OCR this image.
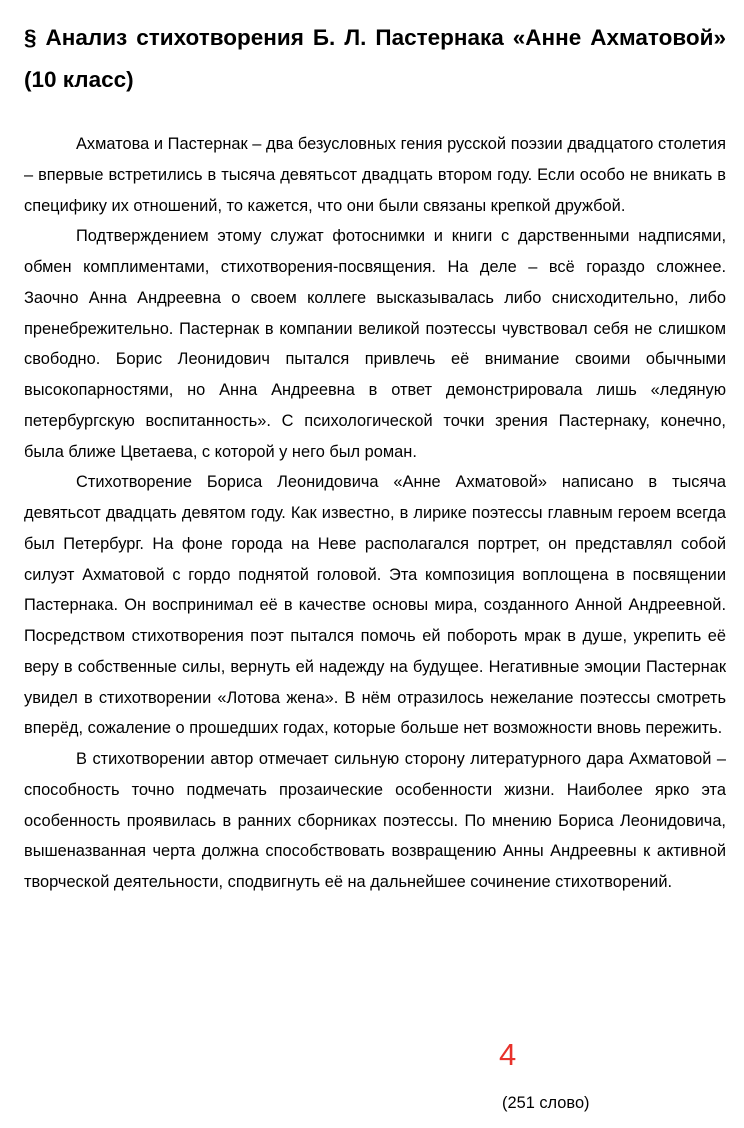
§ Анализ стихотворения Б. Л. Пастернака «Анне Ахматовой» (10 класс)

Ахматова и Пастернак – два безусловных гения русской поэзии двадцатого столетия – впервые встретились в тысяча девятьсот двадцать втором году. Если особо не вникать в специфику их отношений, то кажется, что они были связаны крепкой дружбой.

Подтверждением этому служат фотоснимки и книги с дарственными надписями, обмен комплиментами, стихотворения-посвящения. На деле – всё гораздо сложнее. Заочно Анна Андреевна о своем коллеге высказывалась либо снисходительно, либо пренебрежительно. Пастернак в компании великой поэтессы чувствовал себя не слишком свободно. Борис Леонидович пытался привлечь её внимание своими обычными высокопарностями, но Анна Андреевна в ответ демонстрировала лишь «ледяную петербургскую воспитанность». С психологической точки зрения Пастернаку, конечно, была ближе Цветаева, с которой у него был роман.

Стихотворение Бориса Леонидовича «Анне Ахматовой» написано в тысяча девятьсот двадцать девятом году. Как известно, в лирике поэтессы главным героем всегда был Петербург. На фоне города на Неве располагался портрет, он представлял собой силуэт Ахматовой с гордо поднятой головой. Эта композиция воплощена в посвящении Пастернака. Он воспринимал её в качестве основы мира, созданного Анной Андреевной. Посредством стихотворения поэт пытался помочь ей побороть мрак в душе, укрепить её веру в собственные силы, вернуть ей надежду на будущее. Негативные эмоции Пастернак увидел в стихотворении «Лотова жена». В нём отразилось нежелание поэтессы смотреть вперёд, сожаление о прошедших годах, которые больше нет возможности вновь пережить.

В стихотворении автор отмечает сильную сторону литературного дара Ахматовой – способность точно подмечать прозаические особенности жизни. Наиболее ярко эта особенность проявилась в ранних сборниках поэтессы. По мнению Бориса Леонидовича, вышеназванная черта должна способствовать возвращению Анны Андреевны к активной творческой деятельности, сподвигнуть её на дальнейшее сочинение стихотворений.

4
(251 слово)
